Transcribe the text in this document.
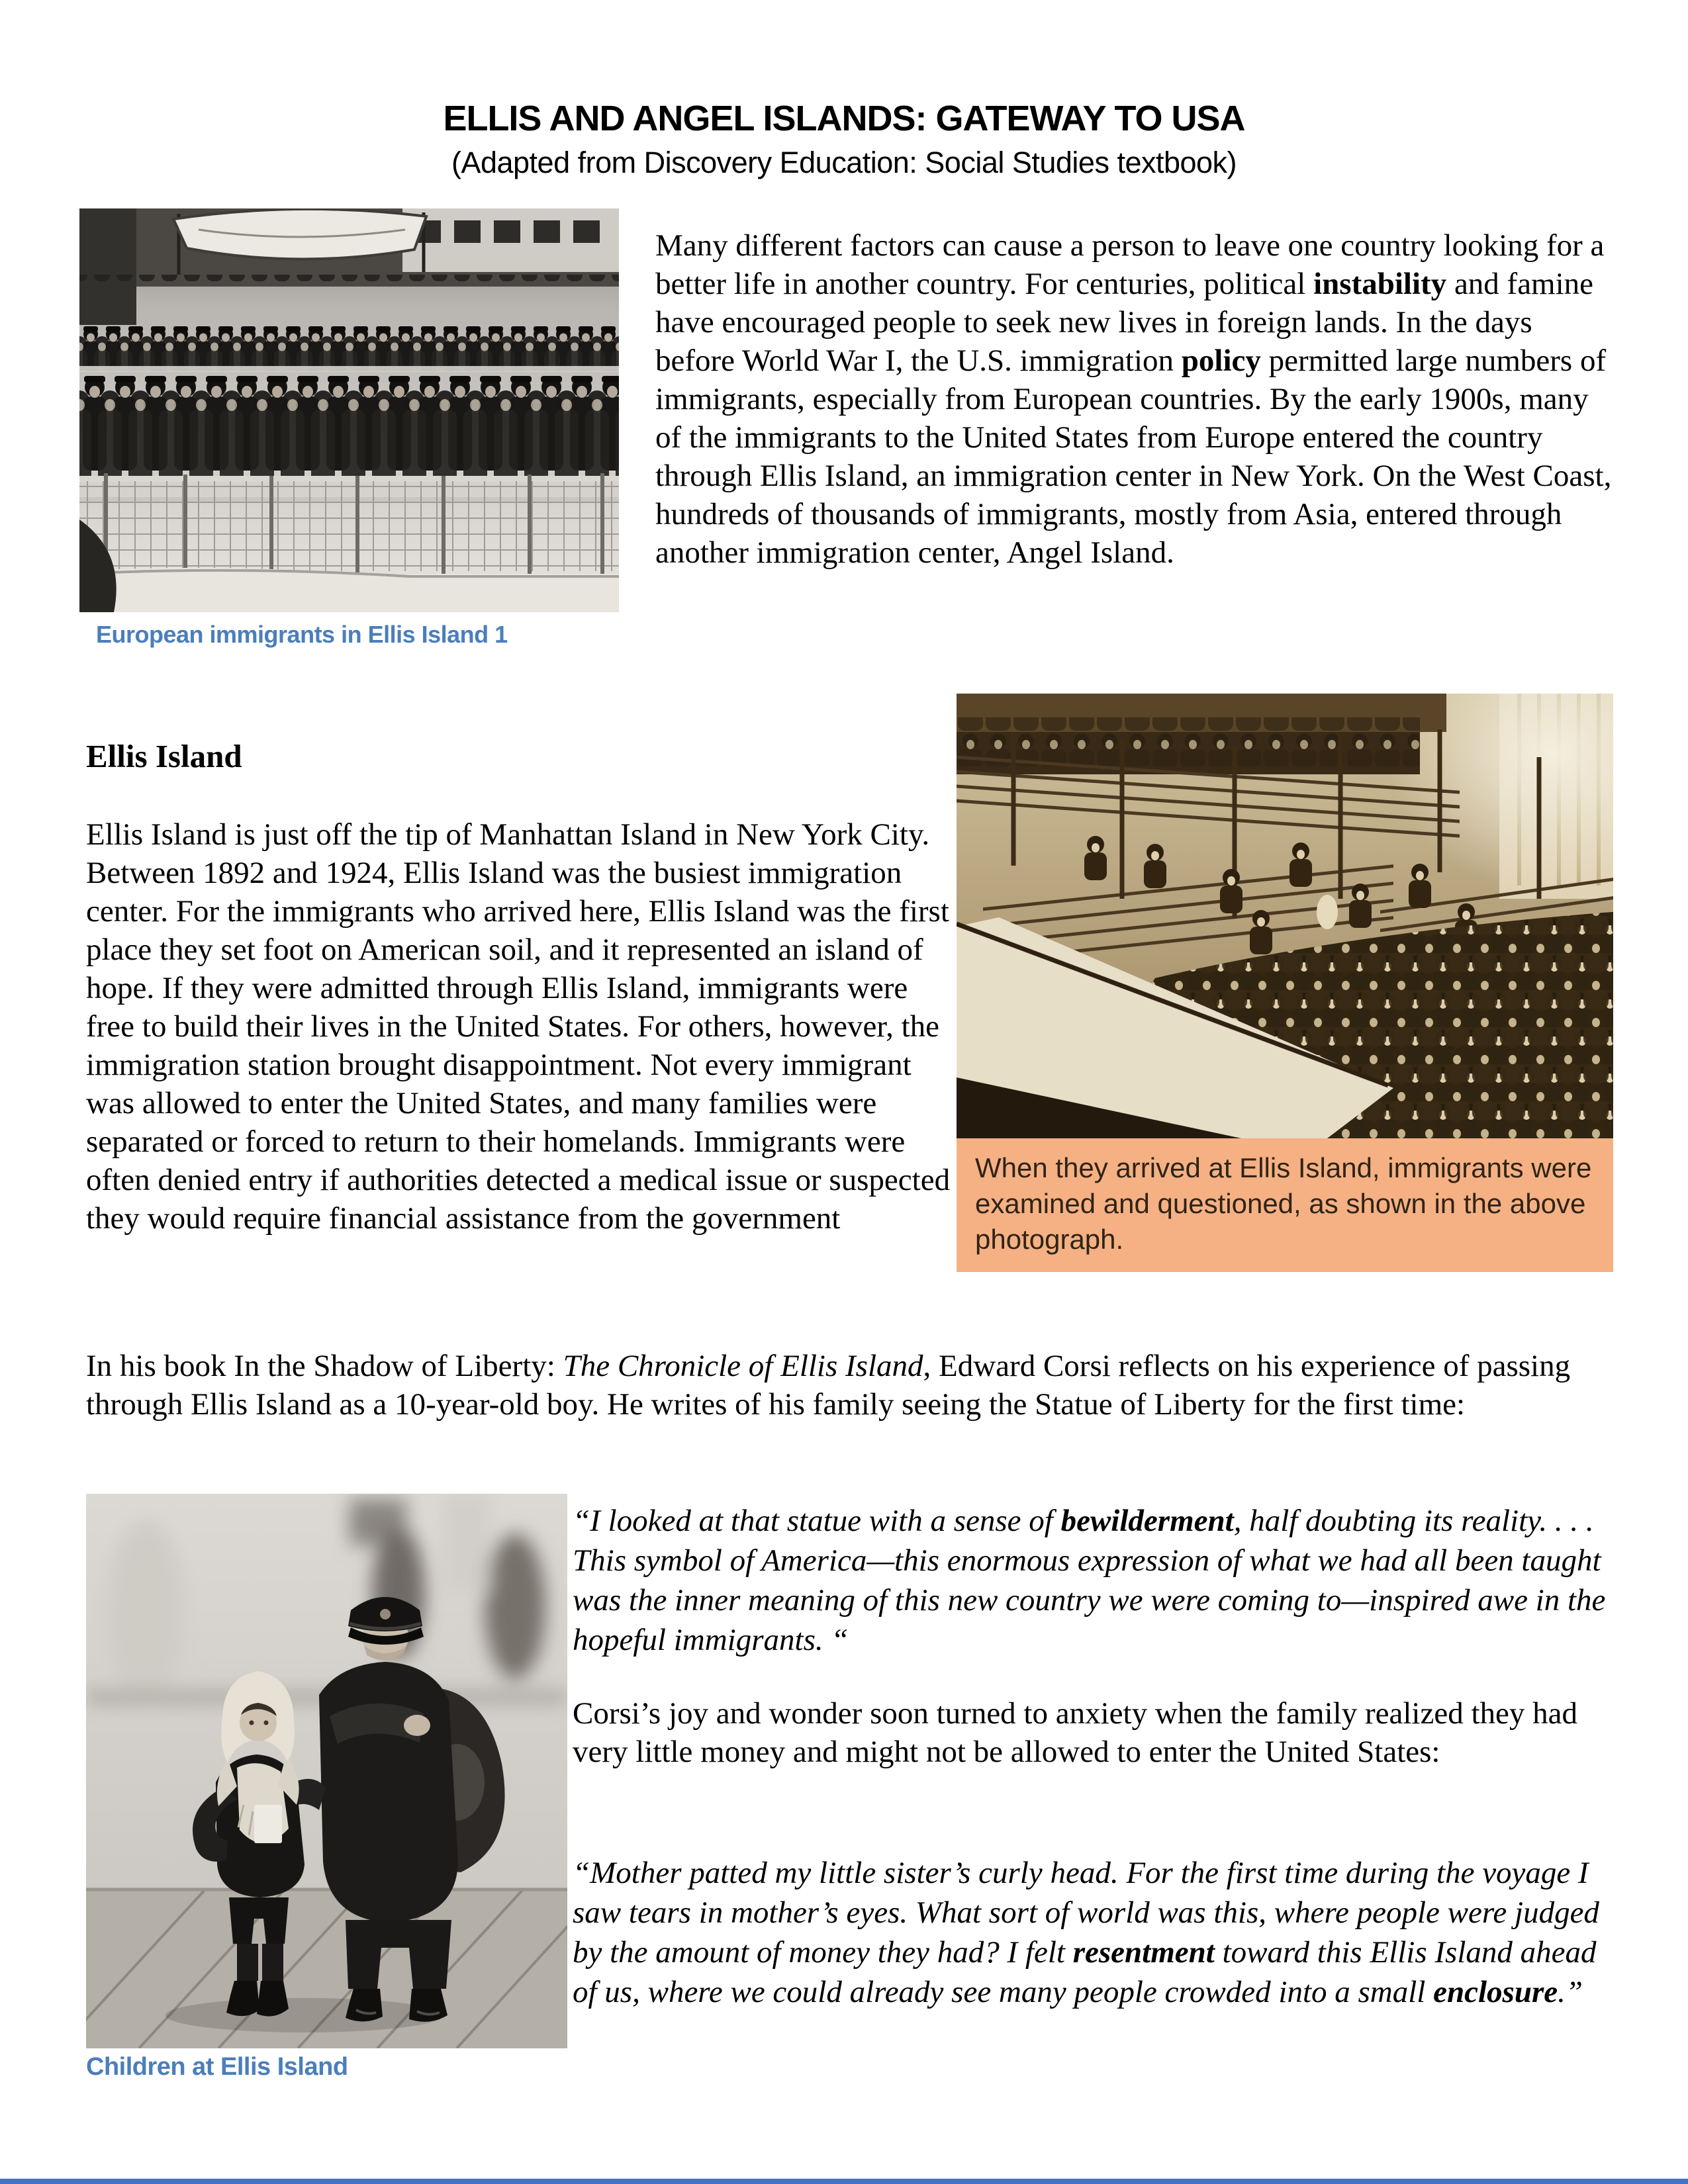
ELLIS AND ANGEL ISLANDS: GATEWAY TO USA
(Adapted from Discovery Education: Social Studies textbook)
European immigrants in Ellis Island 1

Many different factors can cause a person to leave one country looking for a better life in another country. For centuries, political instability and famine have encouraged people to seek new lives in foreign lands. In the days before World War I, the U.S. immigration policy permitted large numbers of immigrants, especially from European countries. By the early 1900s, many of the immigrants to the United States from Europe entered the country through Ellis Island, an immigration center in New York. On the West Coast, hundreds of thousands of immigrants, mostly from Asia, entered through another immigration center, Angel Island.

Ellis Island

Ellis Island is just off the tip of Manhattan Island in New York City. Between 1892 and 1924, Ellis Island was the busiest immigration center. For the immigrants who arrived here, Ellis Island was the first place they set foot on American soil, and it represented an island of hope. If they were admitted through Ellis Island, immigrants were free to build their lives in the United States. For others, however, the immigration station brought disappointment. Not every immigrant was allowed to enter the United States, and many families were separated or forced to return to their homelands. Immigrants were often denied entry if authorities detected a medical issue or suspected they would require financial assistance from the government

When they arrived at Ellis Island, immigrants were examined and questioned, as shown in the above photograph.

In his book In the Shadow of Liberty: The Chronicle of Ellis Island, Edward Corsi reflects on his experience of passing through Ellis Island as a 10-year-old boy. He writes of his family seeing the Statue of Liberty for the first time:

“I looked at that statue with a sense of bewilderment, half doubting its reality. . . . This symbol of America—this enormous expression of what we had all been taught was the inner meaning of this new country we were coming to—inspired awe in the hopeful immigrants. “

Corsi’s joy and wonder soon turned to anxiety when the family realized they had very little money and might not be allowed to enter the United States:

“Mother patted my little sister’s curly head. For the first time during the voyage I saw tears in mother’s eyes. What sort of world was this, where people were judged by the amount of money they had? I felt resentment toward this Ellis Island ahead of us, where we could already see many people crowded into a small enclosure.”

Children at Ellis Island
